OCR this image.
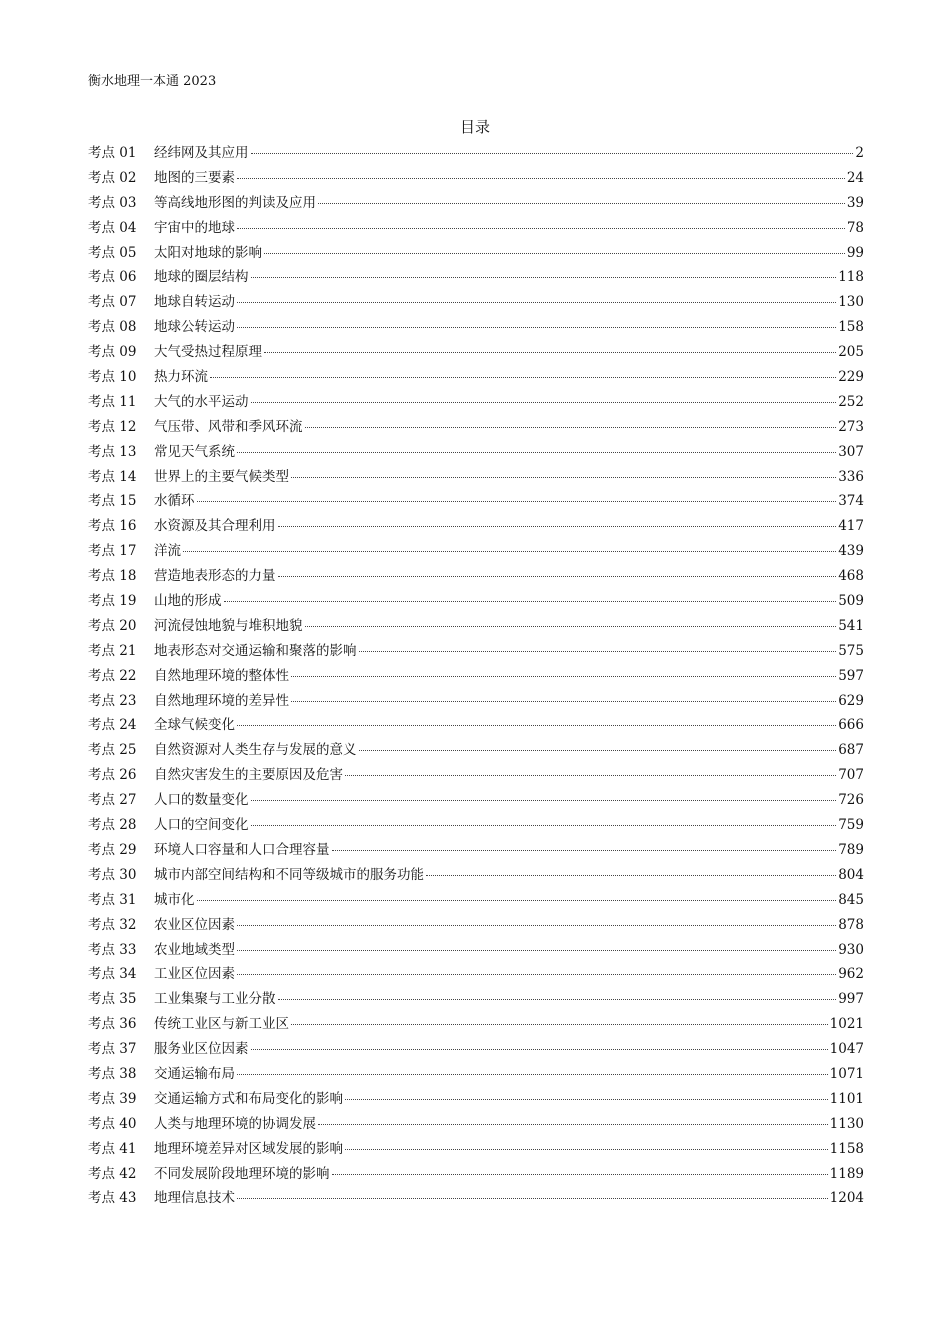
衡水地理一本通 2023
目录
考点 01	经纬网及其应用	2
考点 02	地图的三要素	24
考点 03	等高线地形图的判读及应用	39
考点 04	宇宙中的地球	78
考点 05	太阳对地球的影响	99
考点 06	地球的圈层结构	118
考点 07	地球自转运动	130
考点 08	地球公转运动	158
考点 09	大气受热过程原理	205
考点 10	热力环流	229
考点 11	大气的水平运动	252
考点 12	气压带、风带和季风环流	273
考点 13	常见天气系统	307
考点 14	世界上的主要气候类型	336
考点 15	水循环	374
考点 16	水资源及其合理利用	417
考点 17	洋流	439
考点 18	营造地表形态的力量	468
考点 19	山地的形成	509
考点 20	河流侵蚀地貌与堆积地貌	541
考点 21	地表形态对交通运输和聚落的影响	575
考点 22	自然地理环境的整体性	597
考点 23	自然地理环境的差异性	629
考点 24	全球气候变化	666
考点 25	自然资源对人类生存与发展的意义	687
考点 26	自然灾害发生的主要原因及危害	707
考点 27	人口的数量变化	726
考点 28	人口的空间变化	759
考点 29	环境人口容量和人口合理容量	789
考点 30	城市内部空间结构和不同等级城市的服务功能	804
考点 31	城市化	845
考点 32	农业区位因素	878
考点 33	农业地域类型	930
考点 34	工业区位因素	962
考点 35	工业集聚与工业分散	997
考点 36	传统工业区与新工业区	1021
考点 37	服务业区位因素	1047
考点 38	交通运输布局	1071
考点 39	交通运输方式和布局变化的影响	1101
考点 40	人类与地理环境的协调发展	1130
考点 41	地理环境差异对区域发展的影响	1158
考点 42	不同发展阶段地理环境的影响	1189
考点 43	地理信息技术	1204
